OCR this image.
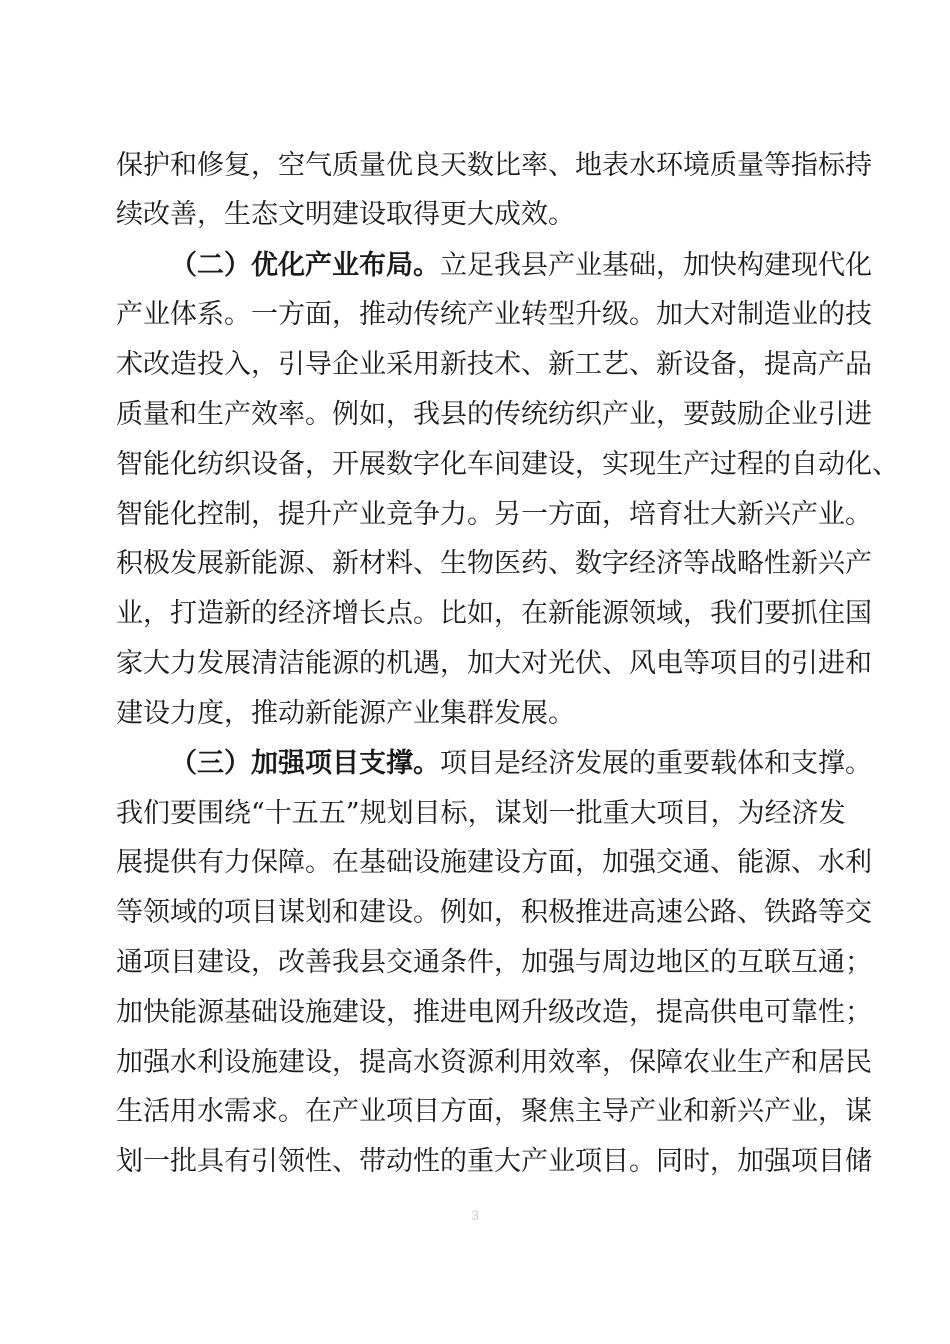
保护和修复，空气质量优良天数比率、地表水环境质量等指标持
续改善，生态文明建设取得更大成效。
（二）优化产业布局。立足我县产业基础，加快构建现代化
产业体系。一方面，推动传统产业转型升级。加大对制造业的技
术改造投入，引导企业采用新技术、新工艺、新设备，提高产品
质量和生产效率。例如，我县的传统纺织产业，要鼓励企业引进
智能化纺织设备，开展数字化车间建设，实现生产过程的自动化、
智能化控制，提升产业竞争力。另一方面，培育壮大新兴产业。
积极发展新能源、新材料、生物医药、数字经济等战略性新兴产
业，打造新的经济增长点。比如，在新能源领域，我们要抓住国
家大力发展清洁能源的机遇，加大对光伏、风电等项目的引进和
建设力度，推动新能源产业集群发展。
（三）加强项目支撑。项目是经济发展的重要载体和支撑。
我们要围绕“十五五”规划目标，谋划一批重大项目，为经济发
展提供有力保障。在基础设施建设方面，加强交通、能源、水利
等领域的项目谋划和建设。例如，积极推进高速公路、铁路等交
通项目建设，改善我县交通条件，加强与周边地区的互联互通；
加快能源基础设施建设，推进电网升级改造，提高供电可靠性；
加强水利设施建设，提高水资源利用效率，保障农业生产和居民
生活用水需求。在产业项目方面，聚焦主导产业和新兴产业，谋
划一批具有引领性、带动性的重大产业项目。同时，加强项目储
3
